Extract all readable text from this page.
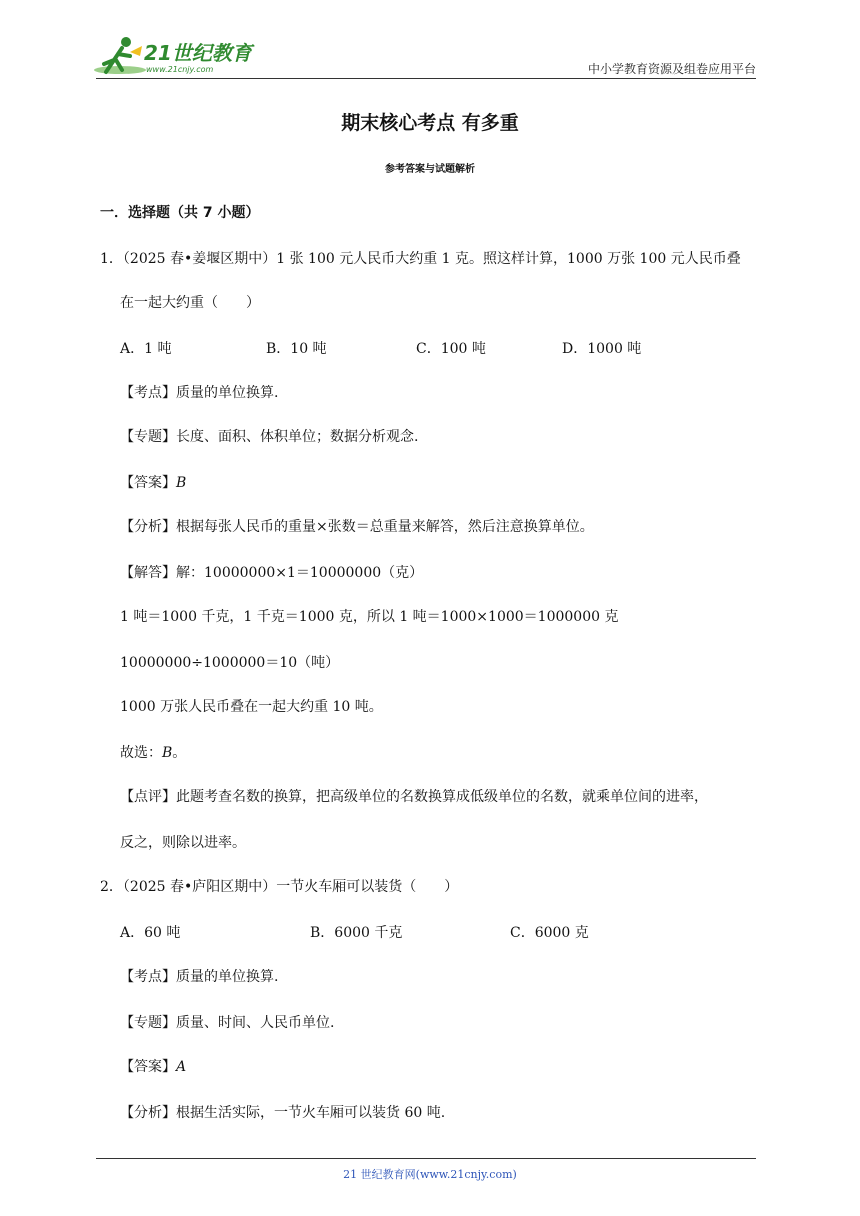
21世纪教育
www.21cnjy.com	中小学教育资源及组卷应用平台
期末核心考点 有多重
参考答案与试题解析
一．选择题（共 7 小题）
1．（2025 春•姜堰区期中）1 张 100 元人民币大约重 1 克。照这样计算，1000 万张 100 元人民币叠
在一起大约重（　　）
A．1 吨	B．10 吨	C．100 吨	D．1000 吨
【考点】质量的单位换算.
【专题】长度、面积、体积单位；数据分析观念.
【答案】B
【分析】根据每张人民币的重量×张数＝总重量来解答，然后注意换算单位。
【解答】解：10000000×1＝10000000（克）
1 吨＝1000 千克，1 千克＝1000 克，所以 1 吨＝1000×1000＝1000000 克
10000000÷1000000＝10（吨）
1000 万张人民币叠在一起大约重 10 吨。
故选：B。
【点评】此题考查名数的换算，把高级单位的名数换算成低级单位的名数，就乘单位间的进率，
反之，则除以进率。
2．（2025 春•庐阳区期中）一节火车厢可以装货（　　）
A．60 吨	B．6000 千克	C．6000 克
【考点】质量的单位换算.
【专题】质量、时间、人民币单位.
【答案】A
【分析】根据生活实际，一节火车厢可以装货 60 吨.
21 世纪教育网(www.21cnjy.com)
